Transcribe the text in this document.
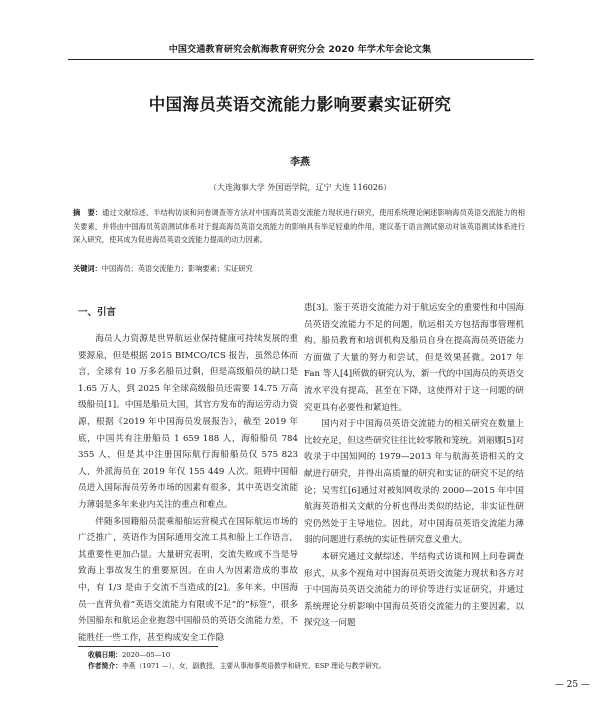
中国交通教育研究会航海教育研究分会 2020 年学术年会论文集
中国海员英语交流能力影响要素实证研究
李燕
（大连海事大学 外国语学院，辽宁 大连 116026）
摘　要：通过文献综述、半结构访谈和问卷调查等方法对中国海员英语交流能力现状进行研究，使用系统理论阐述影响海员英语交流能力的相关要素，并将由中国海员英语测试体系对于提高海员英语交流能力的影响具有举足轻重的作用，建议基于语言测试驱动对该英语测试体系进行深入研究，使其成为促进海员英语交流能力提高的动力因素。
关键词：中国海员；英语交流能力；影响要素；实证研究
一、引言

海员人力资源是世界航运业保持健康可持续发展的重要源泉，但是根据 2015 BIMCO/ICS 报告，虽然总体而言，全球有 10 万多名船员过剩，但是高级船员的缺口是 1.65 万人，到 2025 年全球高级船员还需要 14.75 万高级船员[1]。中国是船员大国，其官方发布的海运劳动力资源，根据《2019 年中国海员发展报告》，截至 2019 年底，中国共有注册船员 1 659 188 人，海船船员 784 355 人，但是其中注册国际航行海船船员仅 575 823 人，外派海员在 2019 年仅 155 449 人次。阻碍中国船员进入国际海员劳务市场的因素有很多，其中英语交流能力薄弱是多年来业内关注的重点和难点。

伴随多国籍船员混乘船舶运营模式在国际航运市场的广泛推广，英语作为国际通用交流工具和船上工作语言，其重要性更加凸显。大量研究表明，交流失败或不当是导致海上事故发生的重要原因。在由人为因素造成的事故中，有 1/3 是由于交流不当造成的[2]。多年来，中国海员一直背负着“英语交流能力有限或不足”的“标签”，很多外国船东和航运企业抱怨中国船员的英语交流能力差，不能胜任一些工作，甚至构成安全工作隐

患[3]。鉴于英语交流能力对于航运安全的重要性和中国海员英语交流能力不足的问题，航运相关方包括海事管理机构、船员教育和培训机构及船员自身在提高海员英语能力方面做了大量的努力和尝试，但是效果甚微。2017 年 Fan 等人[4]所做的研究认为，新一代的中国海员的英语交流水平没有提高，甚至在下降，这使得对于这一问题的研究更具有必要性和紧迫性。

国内对于中国海员英语交流能力的相关研究在数量上比较充足，但这些研究往往比较零散和笼统。刘丽娜[5]对收录于中国知网的 1979—2013 年与航海英语相关的文献进行研究，并得出高质量的研究和实证的研究不足的结论；吴雪红[6]通过对被知网收录的 2000—2015 年中国航海英语相关文献的分析也得出类似的结论，非实证性研究仍然处于主导地位。因此，对中国海员英语交流能力薄弱的问题进行系统的实证性研究意义重大。

本研究通过文献综述、半结构式访谈和网上问卷调查形式，从多个视角对中国海员英语交流能力现状和各方对于中国海员英语交流能力的评价等进行实证研究，并通过系统理论分析影响中国海员英语交流能力的主要因素，以探究这一问题

收稿日期：2020—05—10
作者简介：李燕（1971 —），女，副教授，主要从事海事英语教学和研究、ESP 理论与教学研究。
— 25 —
